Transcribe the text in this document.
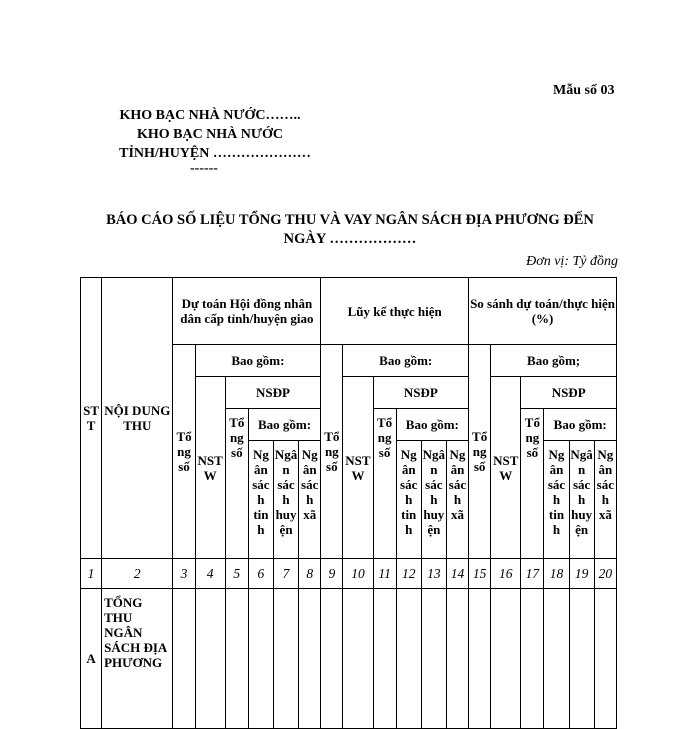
Mẫu số 03
KHO BẠC NHÀ NƯỚC……..
KHO BẠC NHÀ NƯỚC
TỈNH/HUYỆN …………………
------
BÁO CÁO SỐ LIỆU TỔNG THU VÀ VAY NGÂN SÁCH ĐỊA PHƯƠNG ĐẾN
NGÀY ………………
Đơn vị: Tỷ đồng
ST T	NỘI DUNG THU	Dự toán Hội đồng nhân dân cấp tỉnh/huyện giao						Lũy kế thực hiện						So sánh dự toán/thực hiện (%)					
		Tổ ng số	Bao gồm:					Tổ ng số	Bao gồm:					Tổ ng số	Bao gồm;				
			NST W	NSĐP					NST W	NSĐP					NST W	NSĐP			
				Tổ ng số	Bao gồm:					Tổ ng số	Bao gồm:					Tổ ng số	Bao gồm:		
					Ng ân sác h tin h	Ngâ n sác h huy ện	Ng ân sác h xã				Ng ân sác h tin h	Ngâ n sác h huy ện	Ng ân sác h xã				Ng ân sác h tin h	Ngâ n sác h huy ện	Ng ân sác h xã
1	2	3	4	5	6	7	8	9	10	11	12	13	14	15	16	17	18	19	20
A	TỔNG THU NGÂN SÁCH ĐỊA PHƯƠNG																		
